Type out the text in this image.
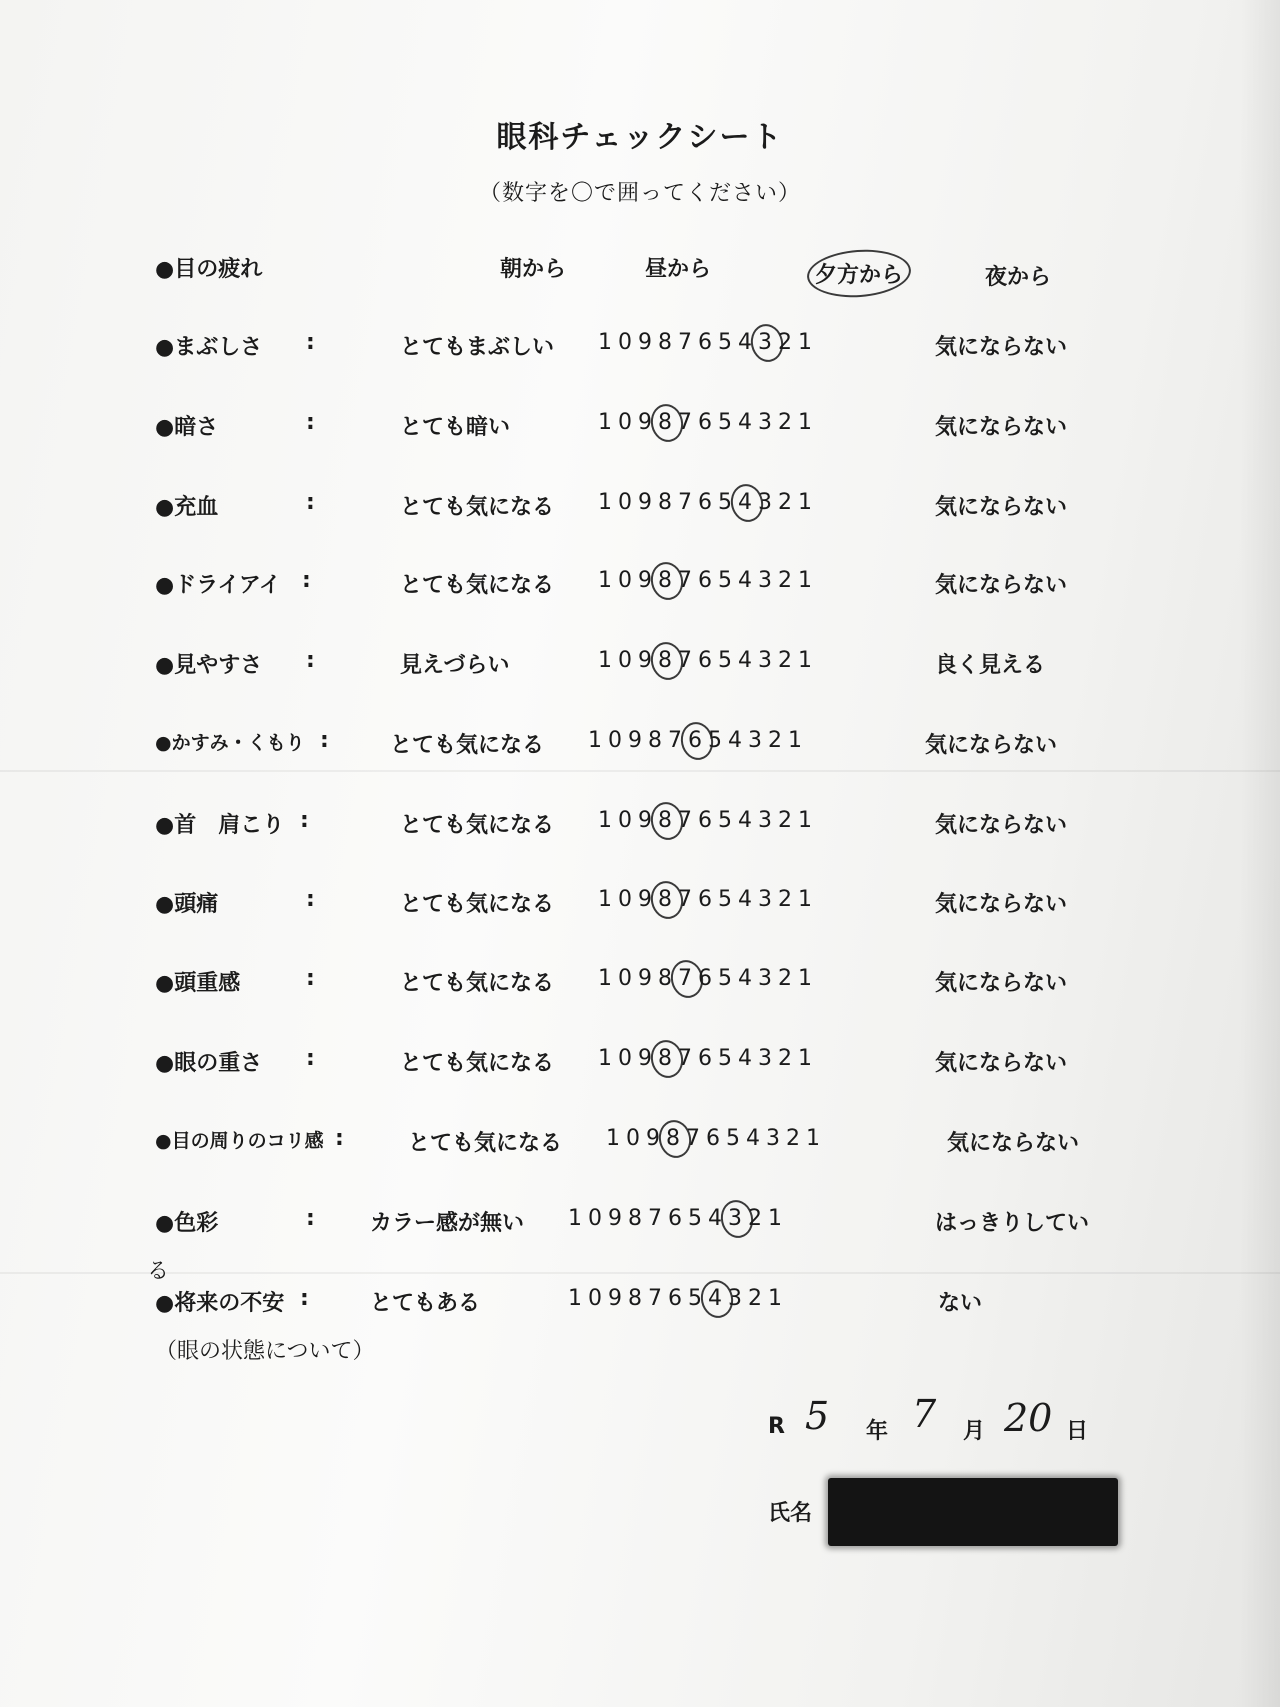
眼科チェックシート
（数字を〇で囲ってください）
●目の疲れ	朝から	昼から	夕方から	夜から
●まぶしさ :	とてもまぶしい 10987654321	気にならない
●暗さ	:	とても暗い	10987654321	気にならない
●充血	:	とても気になる 10987654321	気にならない
●ドライアイ :	とても気になる 10987654321	気にならない
●見やすさ :	見えづらい	10987654321	良く見える
●かすみ・くもり :	とても気になる 10987654321	気にならない
●首　肩こり :	とても気になる 10987654321	気にならない
●頭痛	:	とても気になる 10987654321	気にならない
●頭重感	:	とても気になる 10987654321	気にならない
●眼の重さ :	とても気になる 10987654321	気にならない
●目の周りのコリ感 :	とても気になる 10987654321	気にならない
●色彩	:	カラー感が無い 10987654321	はっきりしてい
●将来の不安 :	とてもある	10987654321	ない
る
（眼の状態について）
R 5 年 7 月 20 日
氏名
